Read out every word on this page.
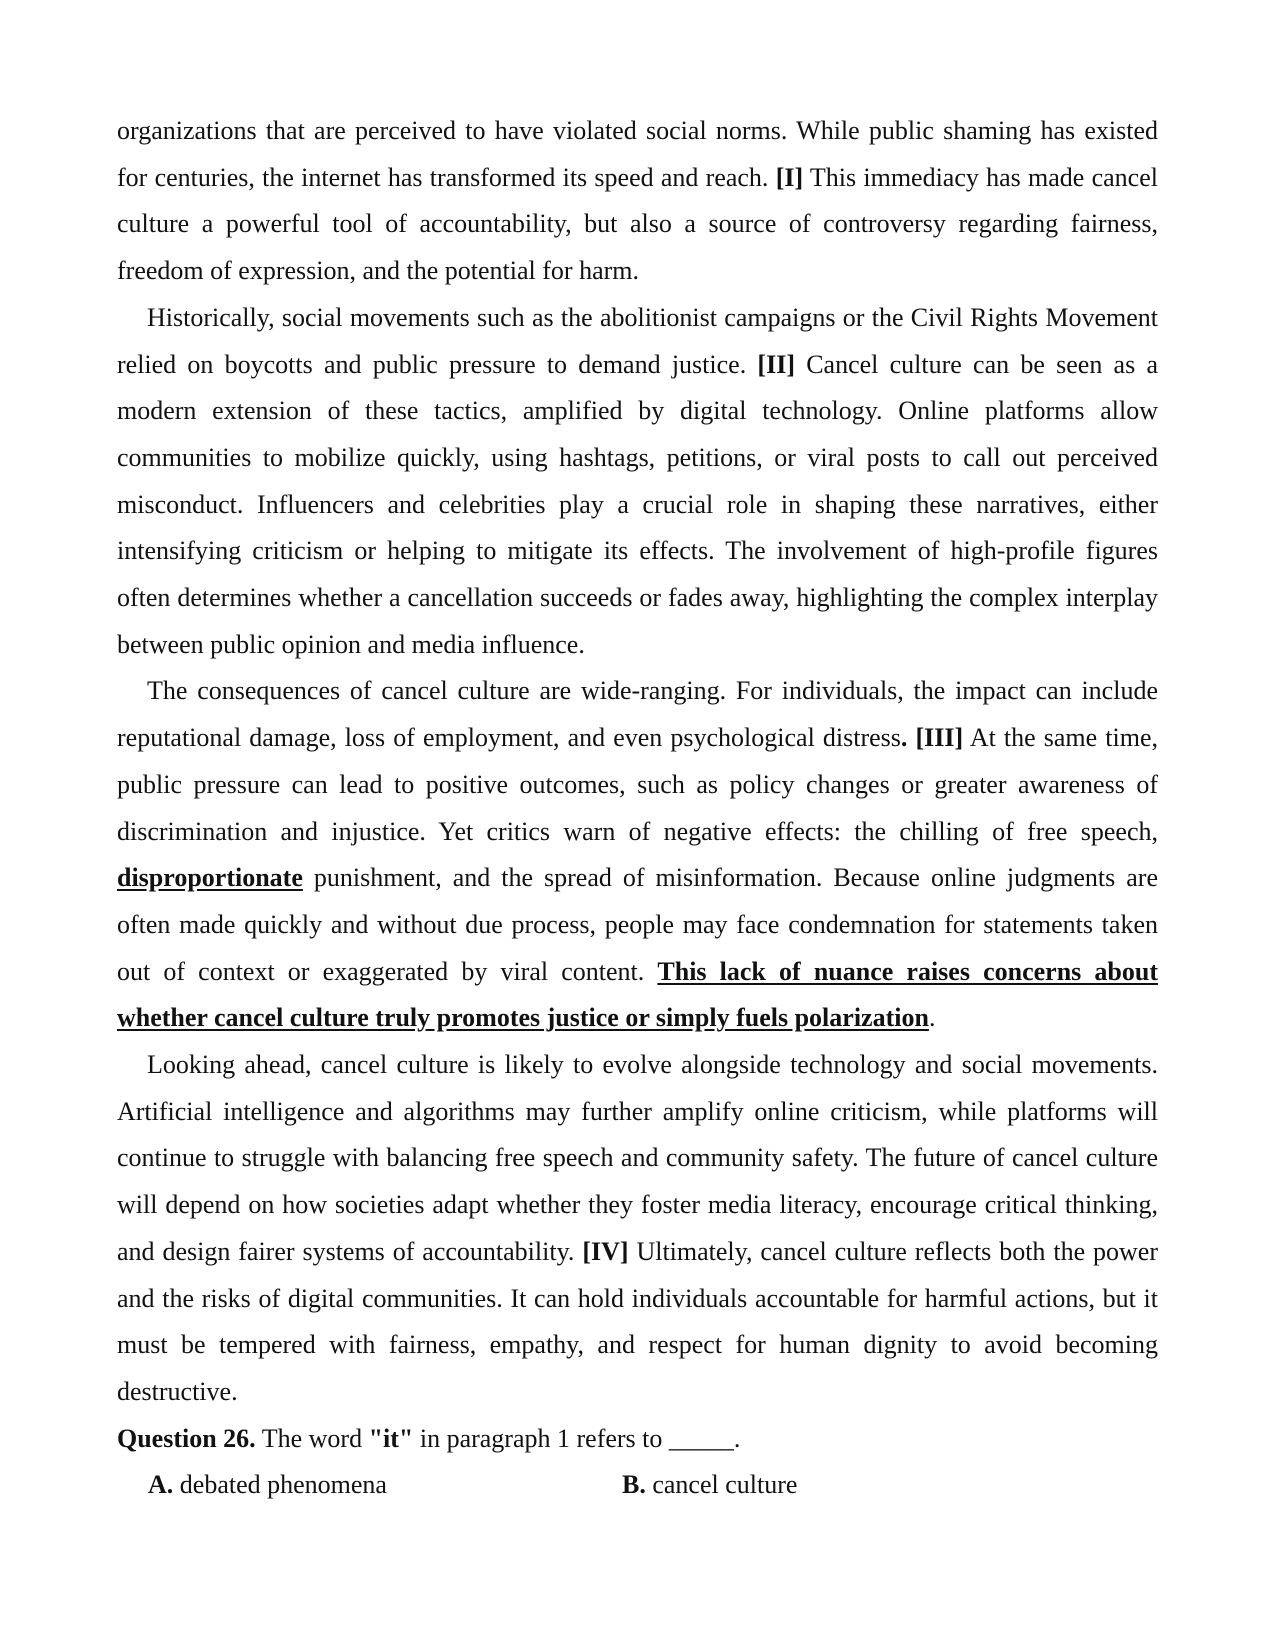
organizations that are perceived to have violated social norms. While public shaming has existed for centuries, the internet has transformed its speed and reach. [I] This immediacy has made cancel culture a powerful tool of accountability, but also a source of controversy regarding fairness, freedom of expression, and the potential for harm.

Historically, social movements such as the abolitionist campaigns or the Civil Rights Movement relied on boycotts and public pressure to demand justice. [II] Cancel culture can be seen as a modern extension of these tactics, amplified by digital technology. Online platforms allow communities to mobilize quickly, using hashtags, petitions, or viral posts to call out perceived misconduct. Influencers and celebrities play a crucial role in shaping these narratives, either intensifying criticism or helping to mitigate its effects. The involvement of high-profile figures often determines whether a cancellation succeeds or fades away, highlighting the complex interplay between public opinion and media influence.

The consequences of cancel culture are wide-ranging. For individuals, the impact can include reputational damage, loss of employment, and even psychological distress. [III] At the same time, public pressure can lead to positive outcomes, such as policy changes or greater awareness of discrimination and injustice. Yet critics warn of negative effects: the chilling of free speech, disproportionate punishment, and the spread of misinformation. Because online judgments are often made quickly and without due process, people may face condemnation for statements taken out of context or exaggerated by viral content. This lack of nuance raises concerns about whether cancel culture truly promotes justice or simply fuels polarization.

Looking ahead, cancel culture is likely to evolve alongside technology and social movements. Artificial intelligence and algorithms may further amplify online criticism, while platforms will continue to struggle with balancing free speech and community safety. The future of cancel culture will depend on how societies adapt whether they foster media literacy, encourage critical thinking, and design fairer systems of accountability. [IV] Ultimately, cancel culture reflects both the power and the risks of digital communities. It can hold individuals accountable for harmful actions, but it must be tempered with fairness, empathy, and respect for human dignity to avoid becoming destructive.

Question 26. The word "it" in paragraph 1 refers to _____.

A. debated phenomena	B. cancel culture
